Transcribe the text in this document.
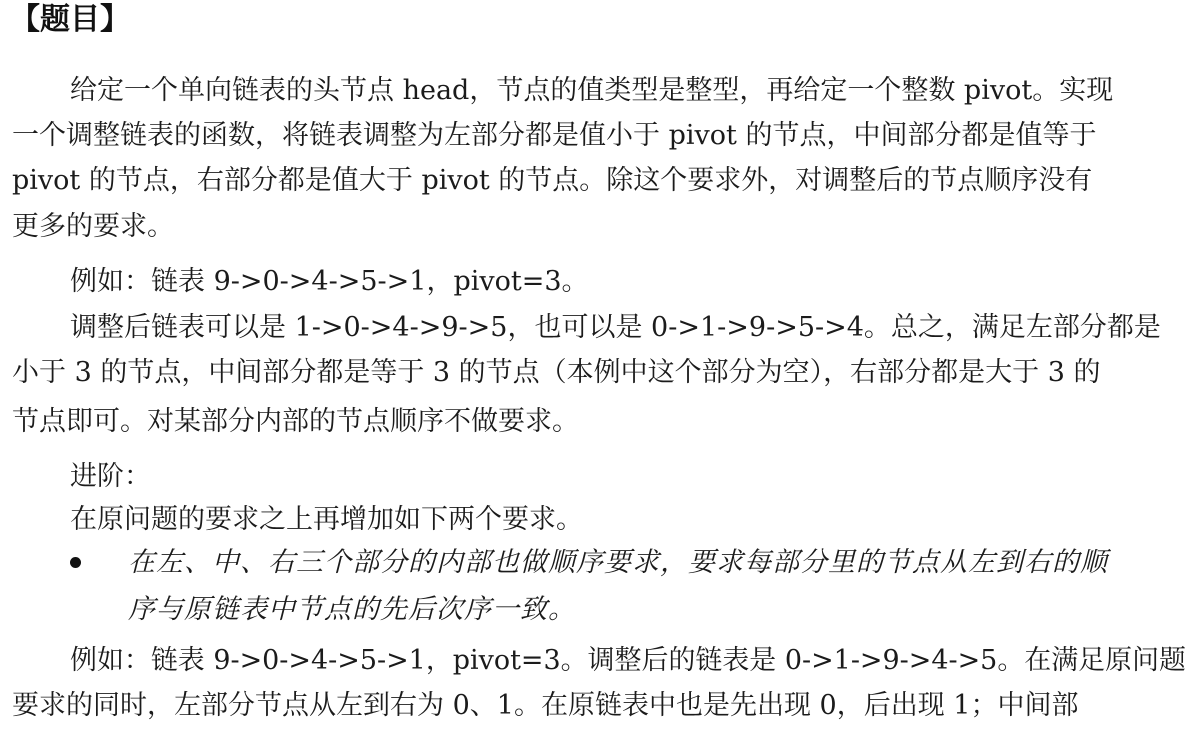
【题目】
给定一个单向链表的头节点 head，节点的值类型是整型，再给定一个整数 pivot。实现
一个调整链表的函数，将链表调整为左部分都是值小于 pivot 的节点，中间部分都是值等于
pivot 的节点，右部分都是值大于 pivot 的节点。除这个要求外，对调整后的节点顺序没有
更多的要求。
例如：链表 9->0->4->5->1，pivot=3。
调整后链表可以是 1->0->4->9->5，也可以是 0->1->9->5->4。总之，满足左部分都是
小于 3 的节点，中间部分都是等于 3 的节点（本例中这个部分为空），右部分都是大于 3 的
节点即可。对某部分内部的节点顺序不做要求。
进阶：
在原问题的要求之上再增加如下两个要求。
在左、中、右三个部分的内部也做顺序要求，要求每部分里的节点从左到右的顺
序与原链表中节点的先后次序一致。
例如：链表 9->0->4->5->1，pivot=3。调整后的链表是 0->1->9->4->5。在满足原问题
要求的同时，左部分节点从左到右为 0、1。在原链表中也是先出现 0，后出现 1；中间部
